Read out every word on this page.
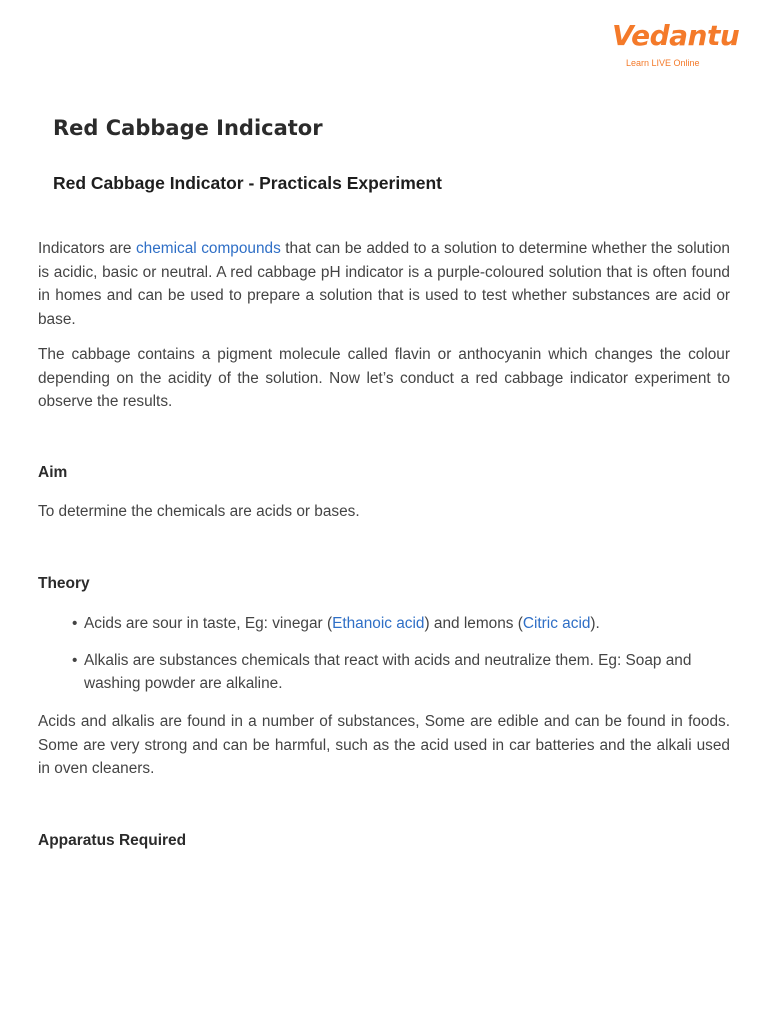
Vedantu
Learn LIVE Online
Red Cabbage Indicator
Red Cabbage Indicator - Practicals Experiment

Indicators are chemical compounds that can be added to a solution to determine whether the solution is acidic, basic or neutral. A red cabbage pH indicator is a purple-coloured solution that is often found in homes and can be used to prepare a solution that is used to test whether substances are acid or base.

The cabbage contains a pigment molecule called flavin or anthocyanin which changes the colour depending on the acidity of the solution. Now let’s conduct a red cabbage indicator experiment to observe the results.

Aim

To determine the chemicals are acids or bases.

Theory
• Acids are sour in taste, Eg: vinegar (Ethanoic acid) and lemons (Citric acid).
• Alkalis are substances chemicals that react with acids and neutralize them. Eg: Soap and washing powder are alkaline.

Acids and alkalis are found in a number of substances, Some are edible and can be found in foods. Some are very strong and can be harmful, such as the acid used in car batteries and the alkali used in oven cleaners.

Apparatus Required
